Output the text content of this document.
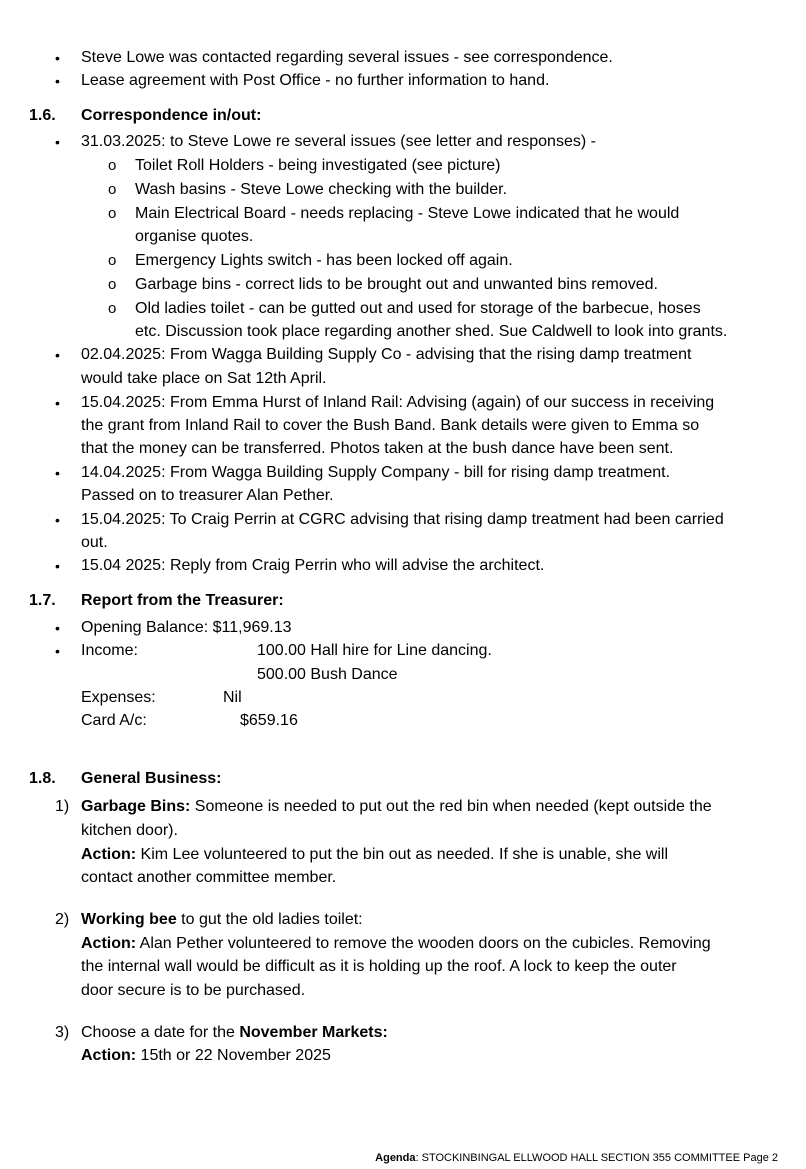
• Steve Lowe was contacted regarding several issues - see correspondence.
• Lease agreement with Post Office - no further information to hand.
1.6. Correspondence in/out:
• 31.03.2025: to Steve Lowe re several issues (see letter and responses) -
o Toilet Roll Holders - being investigated (see picture)
o Wash basins - Steve Lowe checking with the builder.
o Main Electrical Board - needs replacing - Steve Lowe indicated that he would
organise quotes.
o Emergency Lights switch - has been locked off again.
o Garbage bins - correct lids to be brought out and unwanted bins removed.
o Old ladies toilet - can be gutted out and used for storage of the barbecue, hoses
etc. Discussion took place regarding another shed. Sue Caldwell to look into grants.
• 02.04.2025: From Wagga Building Supply Co - advising that the rising damp treatment
would take place on Sat 12th April.
• 15.04.2025: From Emma Hurst of Inland Rail: Advising (again) of our success in receiving
the grant from Inland Rail to cover the Bush Band. Bank details were given to Emma so
that the money can be transferred. Photos taken at the bush dance have been sent.
• 14.04.2025: From Wagga Building Supply Company - bill for rising damp treatment.
Passed on to treasurer Alan Pether.
• 15.04.2025: To Craig Perrin at CGRC advising that rising damp treatment had been carried
out.
• 15.04 2025: Reply from Craig Perrin who will advise the architect.
1.7. Report from the Treasurer:
• Opening Balance: $11,969.13
• Income:	100.00 Hall hire for Line dancing.
500.00 Bush Dance
Expenses:	Nil
Card A/c:	$659.16
1.8. General Business:
1) Garbage Bins: Someone is needed to put out the red bin when needed (kept outside the
kitchen door).
Action: Kim Lee volunteered to put the bin out as needed. If she is unable, she will
contact another committee member.
2) Working bee to gut the old ladies toilet:
Action: Alan Pether volunteered to remove the wooden doors on the cubicles. Removing
the internal wall would be difficult as it is holding up the roof. A lock to keep the outer
door secure is to be purchased.
3) Choose a date for the November Markets:
Action: 15th or 22 November 2025
Agenda: STOCKINBINGAL ELLWOOD HALL SECTION 355 COMMITTEE Page 2
